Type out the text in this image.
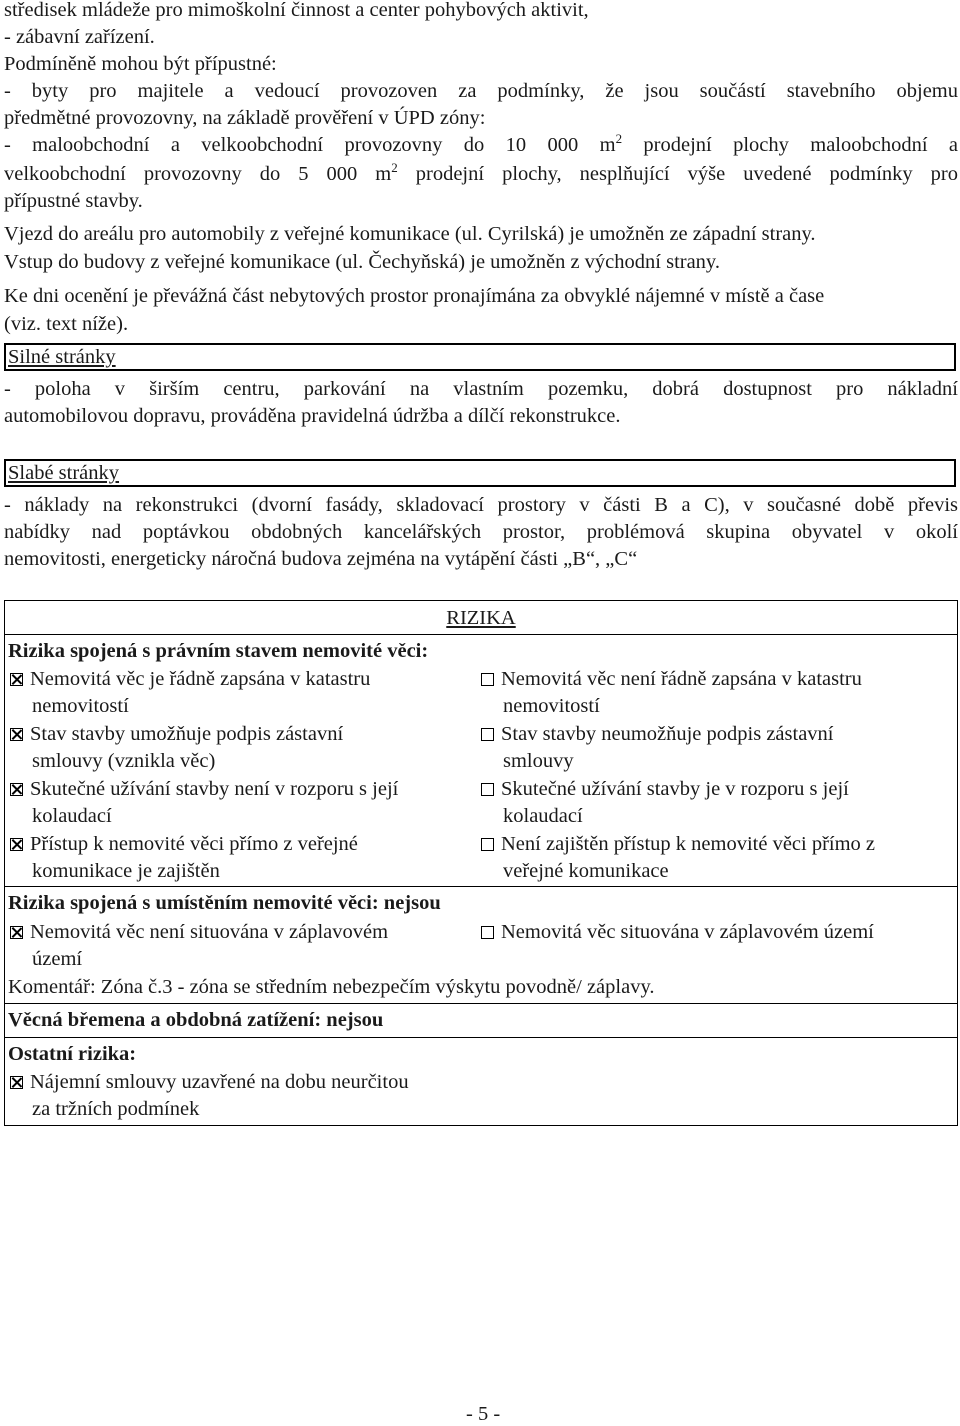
středisek mládeže pro mimoškolní činnost a center pohybových aktivit,
- zábavní zařízení.
Podmíněně mohou být přípustné:
- byty pro majitele a vedoucí provozoven za podmínky, že jsou součástí stavebního objemu
předmětné provozovny, na základě prověření v ÚPD zóny:
- maloobchodní a velkoobchodní provozovny do 10 000 $m^2$ prodejní plochy maloobchodní a
velkoobchodní provozovny do 5 000 $m^2$ prodejní plochy, nesplňující výše uvedené podmínky pro
přípustné stavby.
Vjezd do areálu pro automobily z veřejné komunikace (ul. Cyrilská) je umožněn ze západní strany.
Vstup do budovy z veřejné komunikace (ul. Čechyňská) je umožněn z východní strany.
Ke dni ocenění je převážná část nebytových prostor pronajímána za obvyklé nájemné v místě a čase
(viz. text níže).
Silné stránky
- poloha v širším centru, parkování na vlastním pozemku, dobrá dostupnost pro nákladní
automobilovou dopravu, prováděna pravidelná údržba a dílčí rekonstrukce.
Slabé stránky
- náklady na rekonstrukci (dvorní fasády, skladovací prostory v části B a C), v současné době převis
nabídky nad poptávkou obdobných kancelářských prostor, problémová skupina obyvatel v okolí
nemovitosti, energeticky náročná budova zejména na vytápění části „B“, „C“
RIZIKA
Rizika spojená s právním stavem nemovité věci:
Nemovitá věc je řádně zapsána v katastru
nemovitostí
Nemovitá věc není řádně zapsána v katastru
nemovitostí
Stav stavby umožňuje podpis zástavní
smlouvy (vznikla věc)
Stav stavby neumožňuje podpis zástavní
smlouvy
Skutečné užívání stavby není v rozporu s její
kolaudací
Skutečné užívání stavby je v rozporu s její
kolaudací
Přístup k nemovité věci přímo z veřejné
komunikace je zajištěn
Není zajištěn přístup k nemovité věci přímo z
veřejné komunikace
Rizika spojená s umístěním nemovité věci: nejsou
Nemovitá věc není situována v záplavovém
území
Nemovitá věc situována v záplavovém území
Komentář: Zóna č.3 - zóna se středním nebezpečím výskytu povodně/ záplavy.
Věcná břemena a obdobná zatížení: nejsou
Ostatní rizika:
Nájemní smlouvy uzavřené na dobu neurčitou
za tržních podmínek
- 5 -
